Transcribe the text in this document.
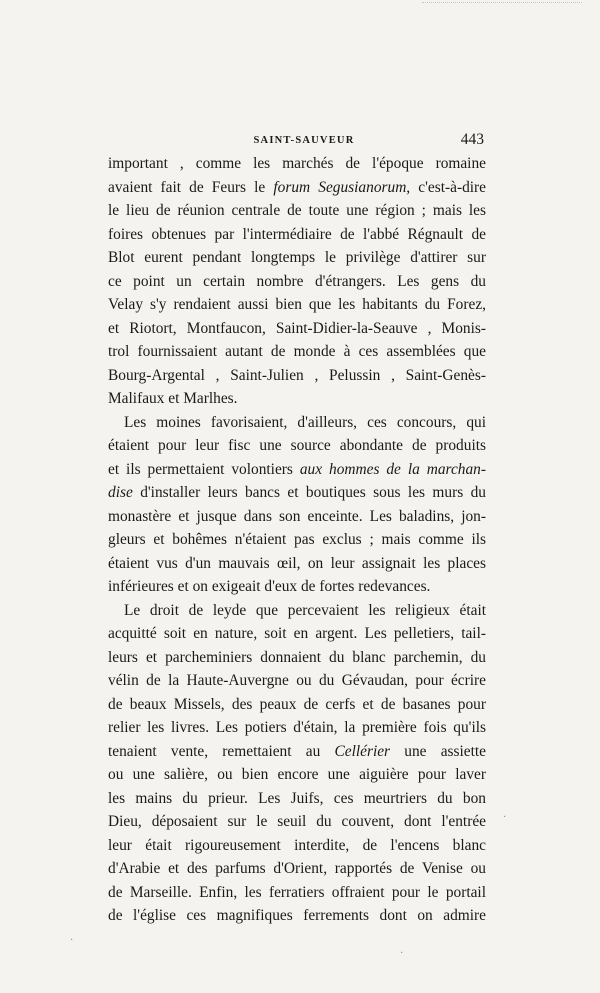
SAINT-SAUVEUR	443
important , comme les marchés de l'époque romaine
avaient fait de Feurs le forum Segusianorum, c'est-à-dire
le lieu de réunion centrale de toute une région ; mais les
foires obtenues par l'intermédiaire de l'abbé Régnault de
Blot eurent pendant longtemps le privilège d'attirer sur
ce point un certain nombre d'étrangers. Les gens du
Velay s'y rendaient aussi bien que les habitants du Forez,
et Riotort, Montfaucon, Saint-Didier-la-Seauve , Monis-
trol fournissaient autant de monde à ces assemblées que
Bourg-Argental , Saint-Julien , Pelussin , Saint-Genès-
Malifaux et Marlhes.
Les moines favorisaient, d'ailleurs, ces concours, qui
étaient pour leur fisc une source abondante de produits
et ils permettaient volontiers aux hommes de la marchan-
dise d'installer leurs bancs et boutiques sous les murs du
monastère et jusque dans son enceinte. Les baladins, jon-
gleurs et bohêmes n'étaient pas exclus ; mais comme ils
étaient vus d'un mauvais œil, on leur assignait les places
inférieures et on exigeait d'eux de fortes redevances.
Le droit de leyde que percevaient les religieux était
acquitté soit en nature, soit en argent. Les pelletiers, tail-
leurs et parcheminiers donnaient du blanc parchemin, du
vélin de la Haute-Auvergne ou du Gévaudan, pour écrire
de beaux Missels, des peaux de cerfs et de basanes pour
relier les livres. Les potiers d'étain, la première fois qu'ils
tenaient vente, remettaient au Cellérier une assiette
ou une salière, ou bien encore une aiguière pour laver
les mains du prieur. Les Juifs, ces meurtriers du bon
Dieu, déposaient sur le seuil du couvent, dont l'entrée
leur était rigoureusement interdite, de l'encens blanc
d'Arabie et des parfums d'Orient, rapportés de Venise ou
de Marseille. Enfin, les ferratiers offraient pour le portail
de l'église ces magnifiques ferrements dont on admire
·
·
·
